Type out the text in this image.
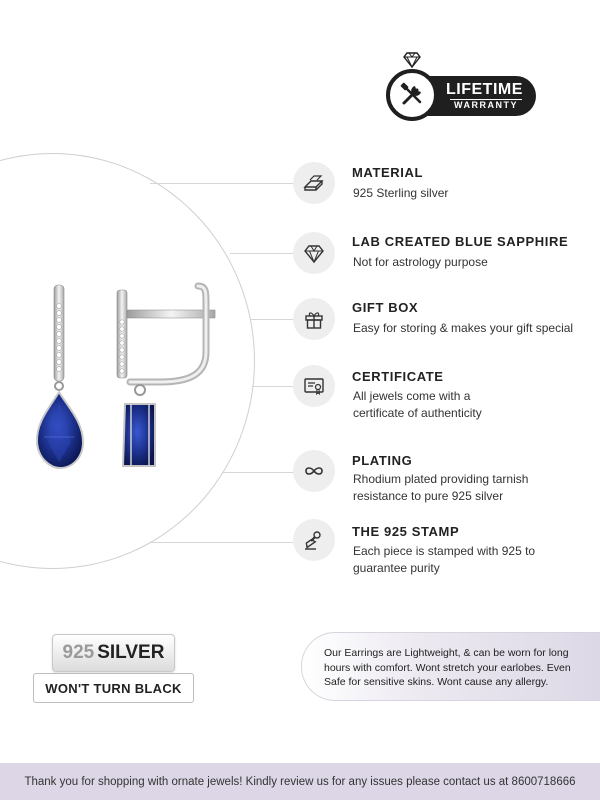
LIFETIME
WARRANTY
MATERIAL
925 Sterling silver
LAB CREATED BLUE SAPPHIRE
Not for astrology purpose
GIFT BOX
Easy for storing & makes your gift special
CERTIFICATE
All jewels come with a certificate of authenticity
PLATING
Rhodium plated providing tarnish resistance to pure 925 silver
THE 925 STAMP
Each piece is stamped with 925 to guarantee purity
925 SILVER
WON'T TURN BLACK
Our Earrings are Lightweight, & can be worn for long hours with comfort. Wont stretch your earlobes. Even Safe for sensitive skins. Wont cause any allergy.
Thank you for shopping with ornate jewels! Kindly review us for any issues please contact us at 8600718666
